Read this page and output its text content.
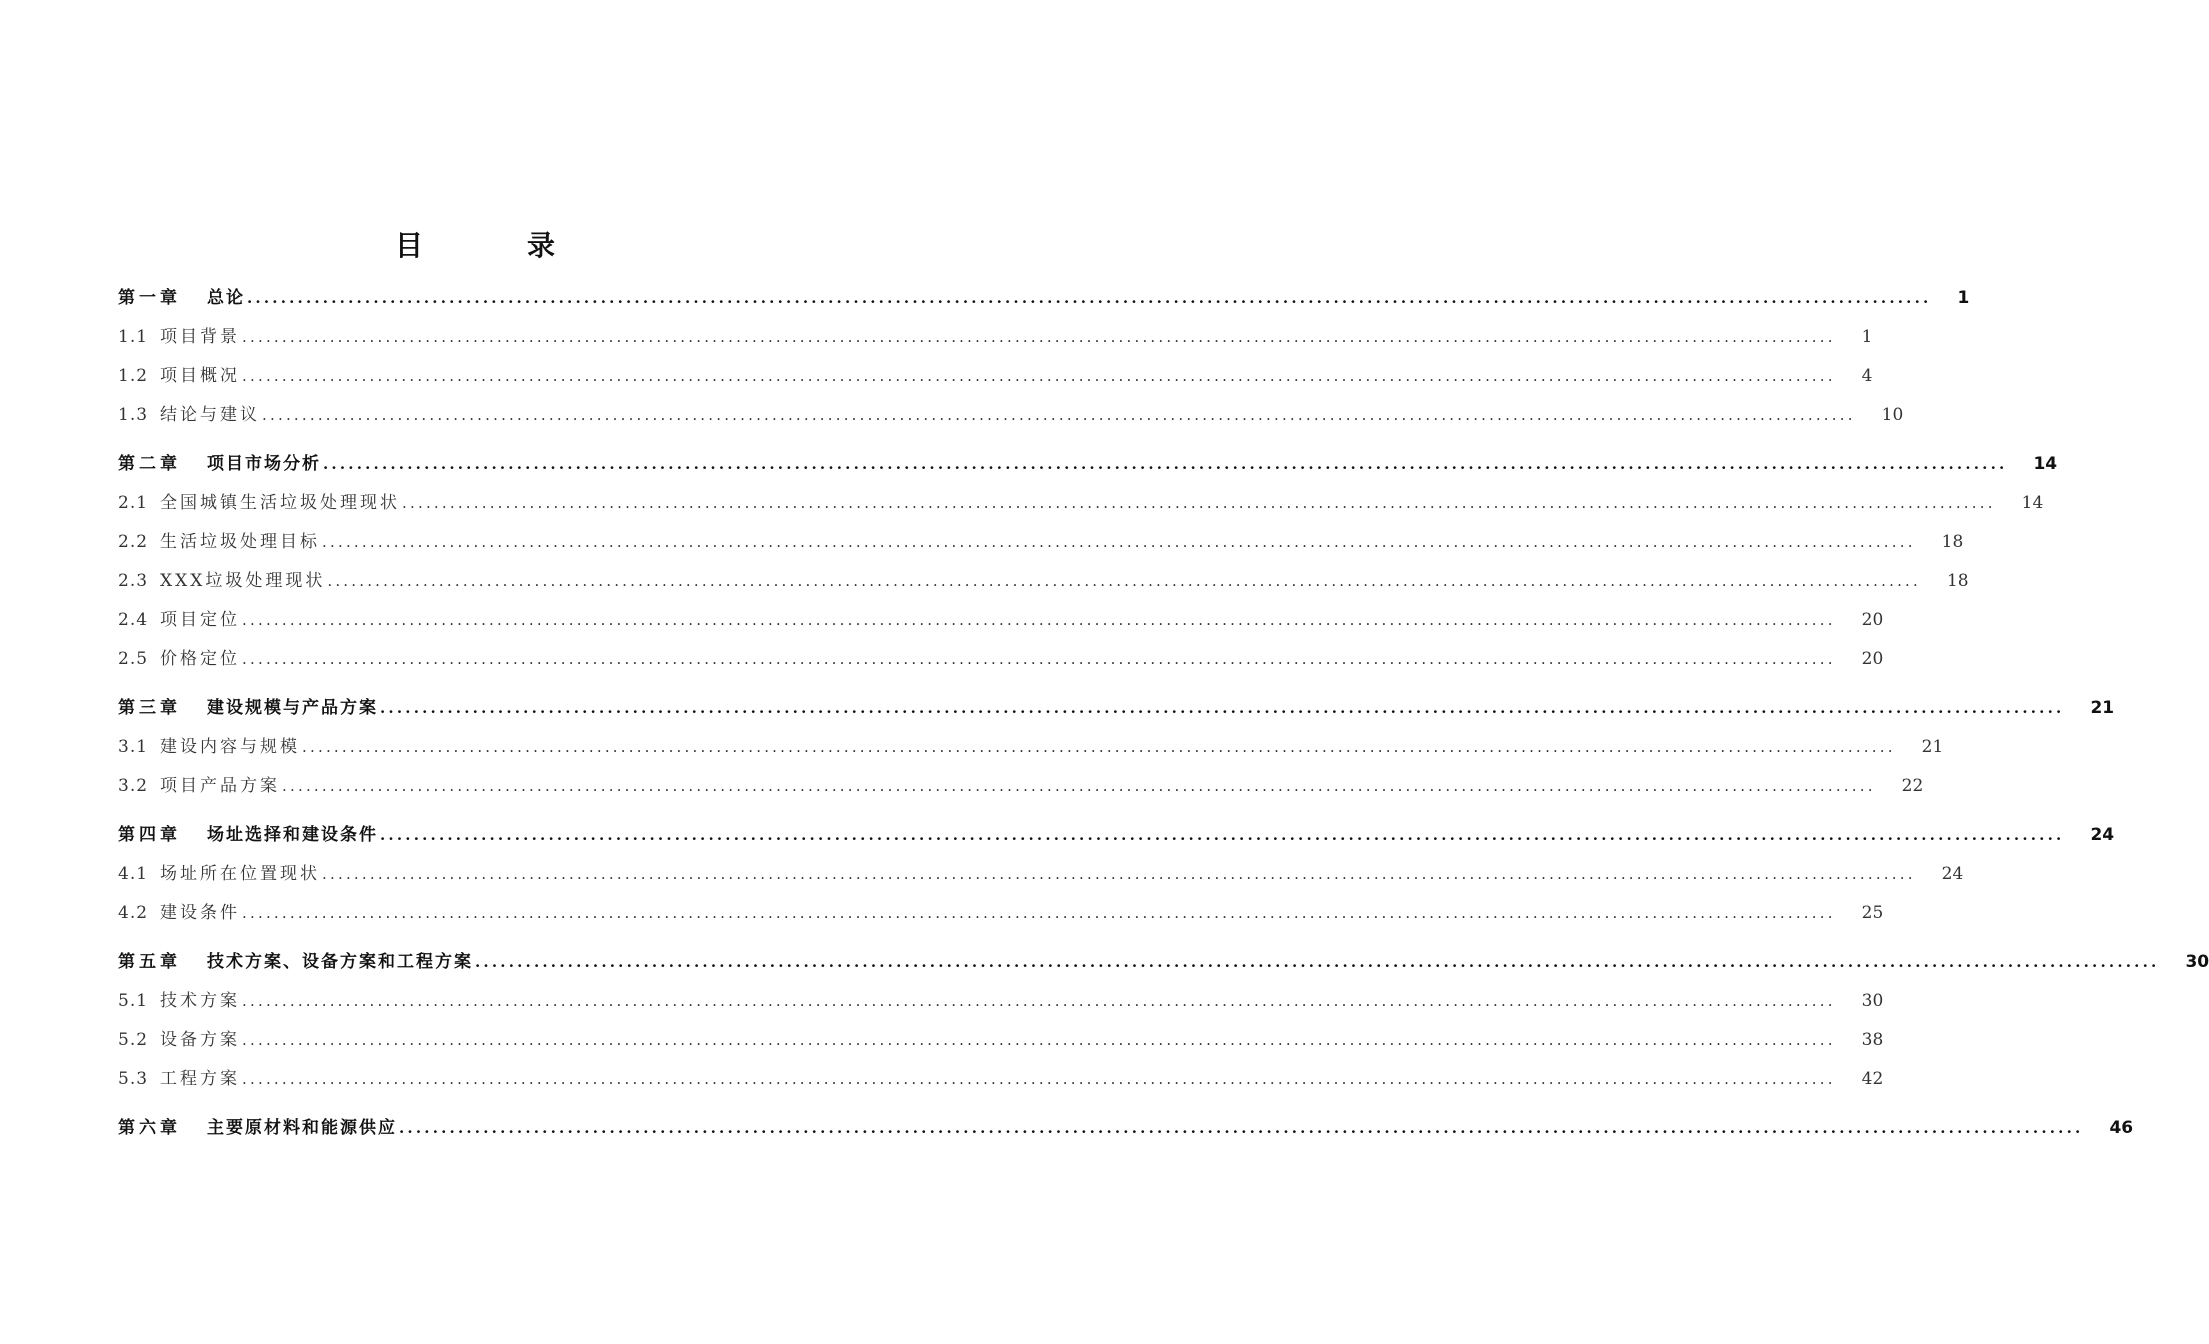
目	录
第一章 总论 ........................................................................................................................................................................................................ 1
1.1 项目背景 ........................................................................................................................................................................................................ 1
1.2 项目概况 ........................................................................................................................................................................................................ 4
1.3 结论与建议 ........................................................................................................................................................................................................ 10
第二章 项目市场分析 ........................................................................................................................................................................................................ 14
2.1 全国城镇生活垃圾处理现状 ........................................................................................................................................................................................................ 14
2.2 生活垃圾处理目标 ........................................................................................................................................................................................................ 18
2.3 XXX垃圾处理现状 ........................................................................................................................................................................................................ 18
2.4 项目定位 ........................................................................................................................................................................................................ 20
2.5 价格定位 ........................................................................................................................................................................................................ 20
第三章 建设规模与产品方案 ........................................................................................................................................................................................................ 21
3.1 建设内容与规模 ........................................................................................................................................................................................................ 21
3.2 项目产品方案 ........................................................................................................................................................................................................ 22
第四章 场址选择和建设条件 ........................................................................................................................................................................................................ 24
4.1 场址所在位置现状 ........................................................................................................................................................................................................ 24
4.2 建设条件 ........................................................................................................................................................................................................ 25
第五章 技术方案、设备方案和工程方案 ........................................................................................................................................................................................................ 30
5.1 技术方案 ........................................................................................................................................................................................................ 30
5.2 设备方案 ........................................................................................................................................................................................................ 38
5.3 工程方案 ........................................................................................................................................................................................................ 42
第六章 主要原材料和能源供应 ........................................................................................................................................................................................................ 46
